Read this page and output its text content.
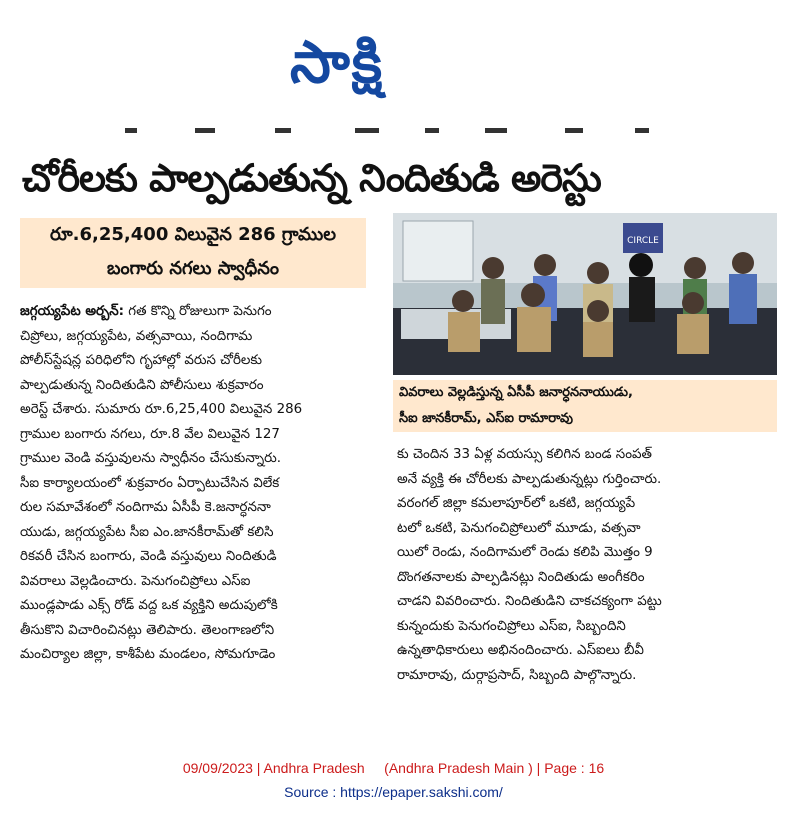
సాక్షి
చోరీలకు పాల్పడుతున్న నిందితుడి అరెస్టు
రూ.6,25,400 విలువైన 286 గ్రాముల
బంగారు నగలు స్వాధీనం
జగ్గయ్యపేట అర్బన్: గత కొన్ని రోజులుగా పెనుగం
చిప్రోలు, జగ్గయ్యపేట, వత్సవాయి, నందిగామ
పోలీస్‌స్టేషన్ల పరిధిలోని గృహాల్లో వరుస చోరీలకు
పాల్పడుతున్న నిందితుడిని పోలీసులు శుక్రవారం
అరెస్ట్ చేశారు. సుమారు రూ.6,25,400 విలువైన 286
గ్రాముల బంగారు నగలు, రూ.8 వేల విలువైన 127
గ్రాముల వెండి వస్తువులను స్వాధీనం చేసుకున్నారు.
సీఐ కార్యాలయంలో శుక్రవారం ఏర్పాటుచేసిన విలేక
రుల సమావేశంలో నందిగామ ఏసీపీ కె.జనార్ధననా
యుడు, జగ్గయ్యపేట సీఐ ఎం.జానకీరామ్‌తో కలిసి
రికవరీ చేసిన బంగారు, వెండి వస్తువులు నిందితుడి
వివరాలు వెల్లడించారు. పెనుగంచిప్రోలు ఎస్‌ఐ
ముండ్లపాడు ఎక్స్ రోడ్ వద్ద ఒక వ్యక్తిని అదుపులోకి
తీసుకొని విచారించినట్లు తెలిపారు. తెలంగాణలోని
మంచిర్యాల జిల్లా, కాశీపేట మండలం, సోమగూడెం
CIRCLE
వివరాలు వెల్లడిస్తున్న ఏసీపీ జనార్ధననాయుడు,
సీఐ జానకీరామ్, ఎస్‌ఐ రామారావు
కు చెందిన 33 ఏళ్ల వయస్సు కలిగిన బండ సంపత్
అనే వ్యక్తి ఈ చోరీలకు పాల్పడుతున్నట్లు గుర్తించారు.
వరంగల్ జిల్లా కమలాపూర్‌లో ఒకటి, జగ్గయ్యపే
టలో ఒకటి, పెనుగంచిప్రోలులో మూడు, వత్సవా
యిలో రెండు, నందిగామలో రెండు కలిపి మొత్తం 9
దొంగతనాలకు పాల్పడినట్లు నిందితుడు అంగీకరిం
చాడని వివరించారు. నిందితుడిని చాకచక్యంగా పట్టు
కున్నందుకు పెనుగంచిప్రోలు ఎస్‌ఐ, సిబ్బందిని
ఉన్నతాధికారులు అభినందించారు. ఎస్‌ఐలు బీవీ
రామారావు, దుర్గాప్రసాద్, సిబ్బంది పాల్గొన్నారు.
09/09/2023 | Andhra Pradesh     (Andhra Pradesh Main ) | Page : 16
Source : https://epaper.sakshi.com/
